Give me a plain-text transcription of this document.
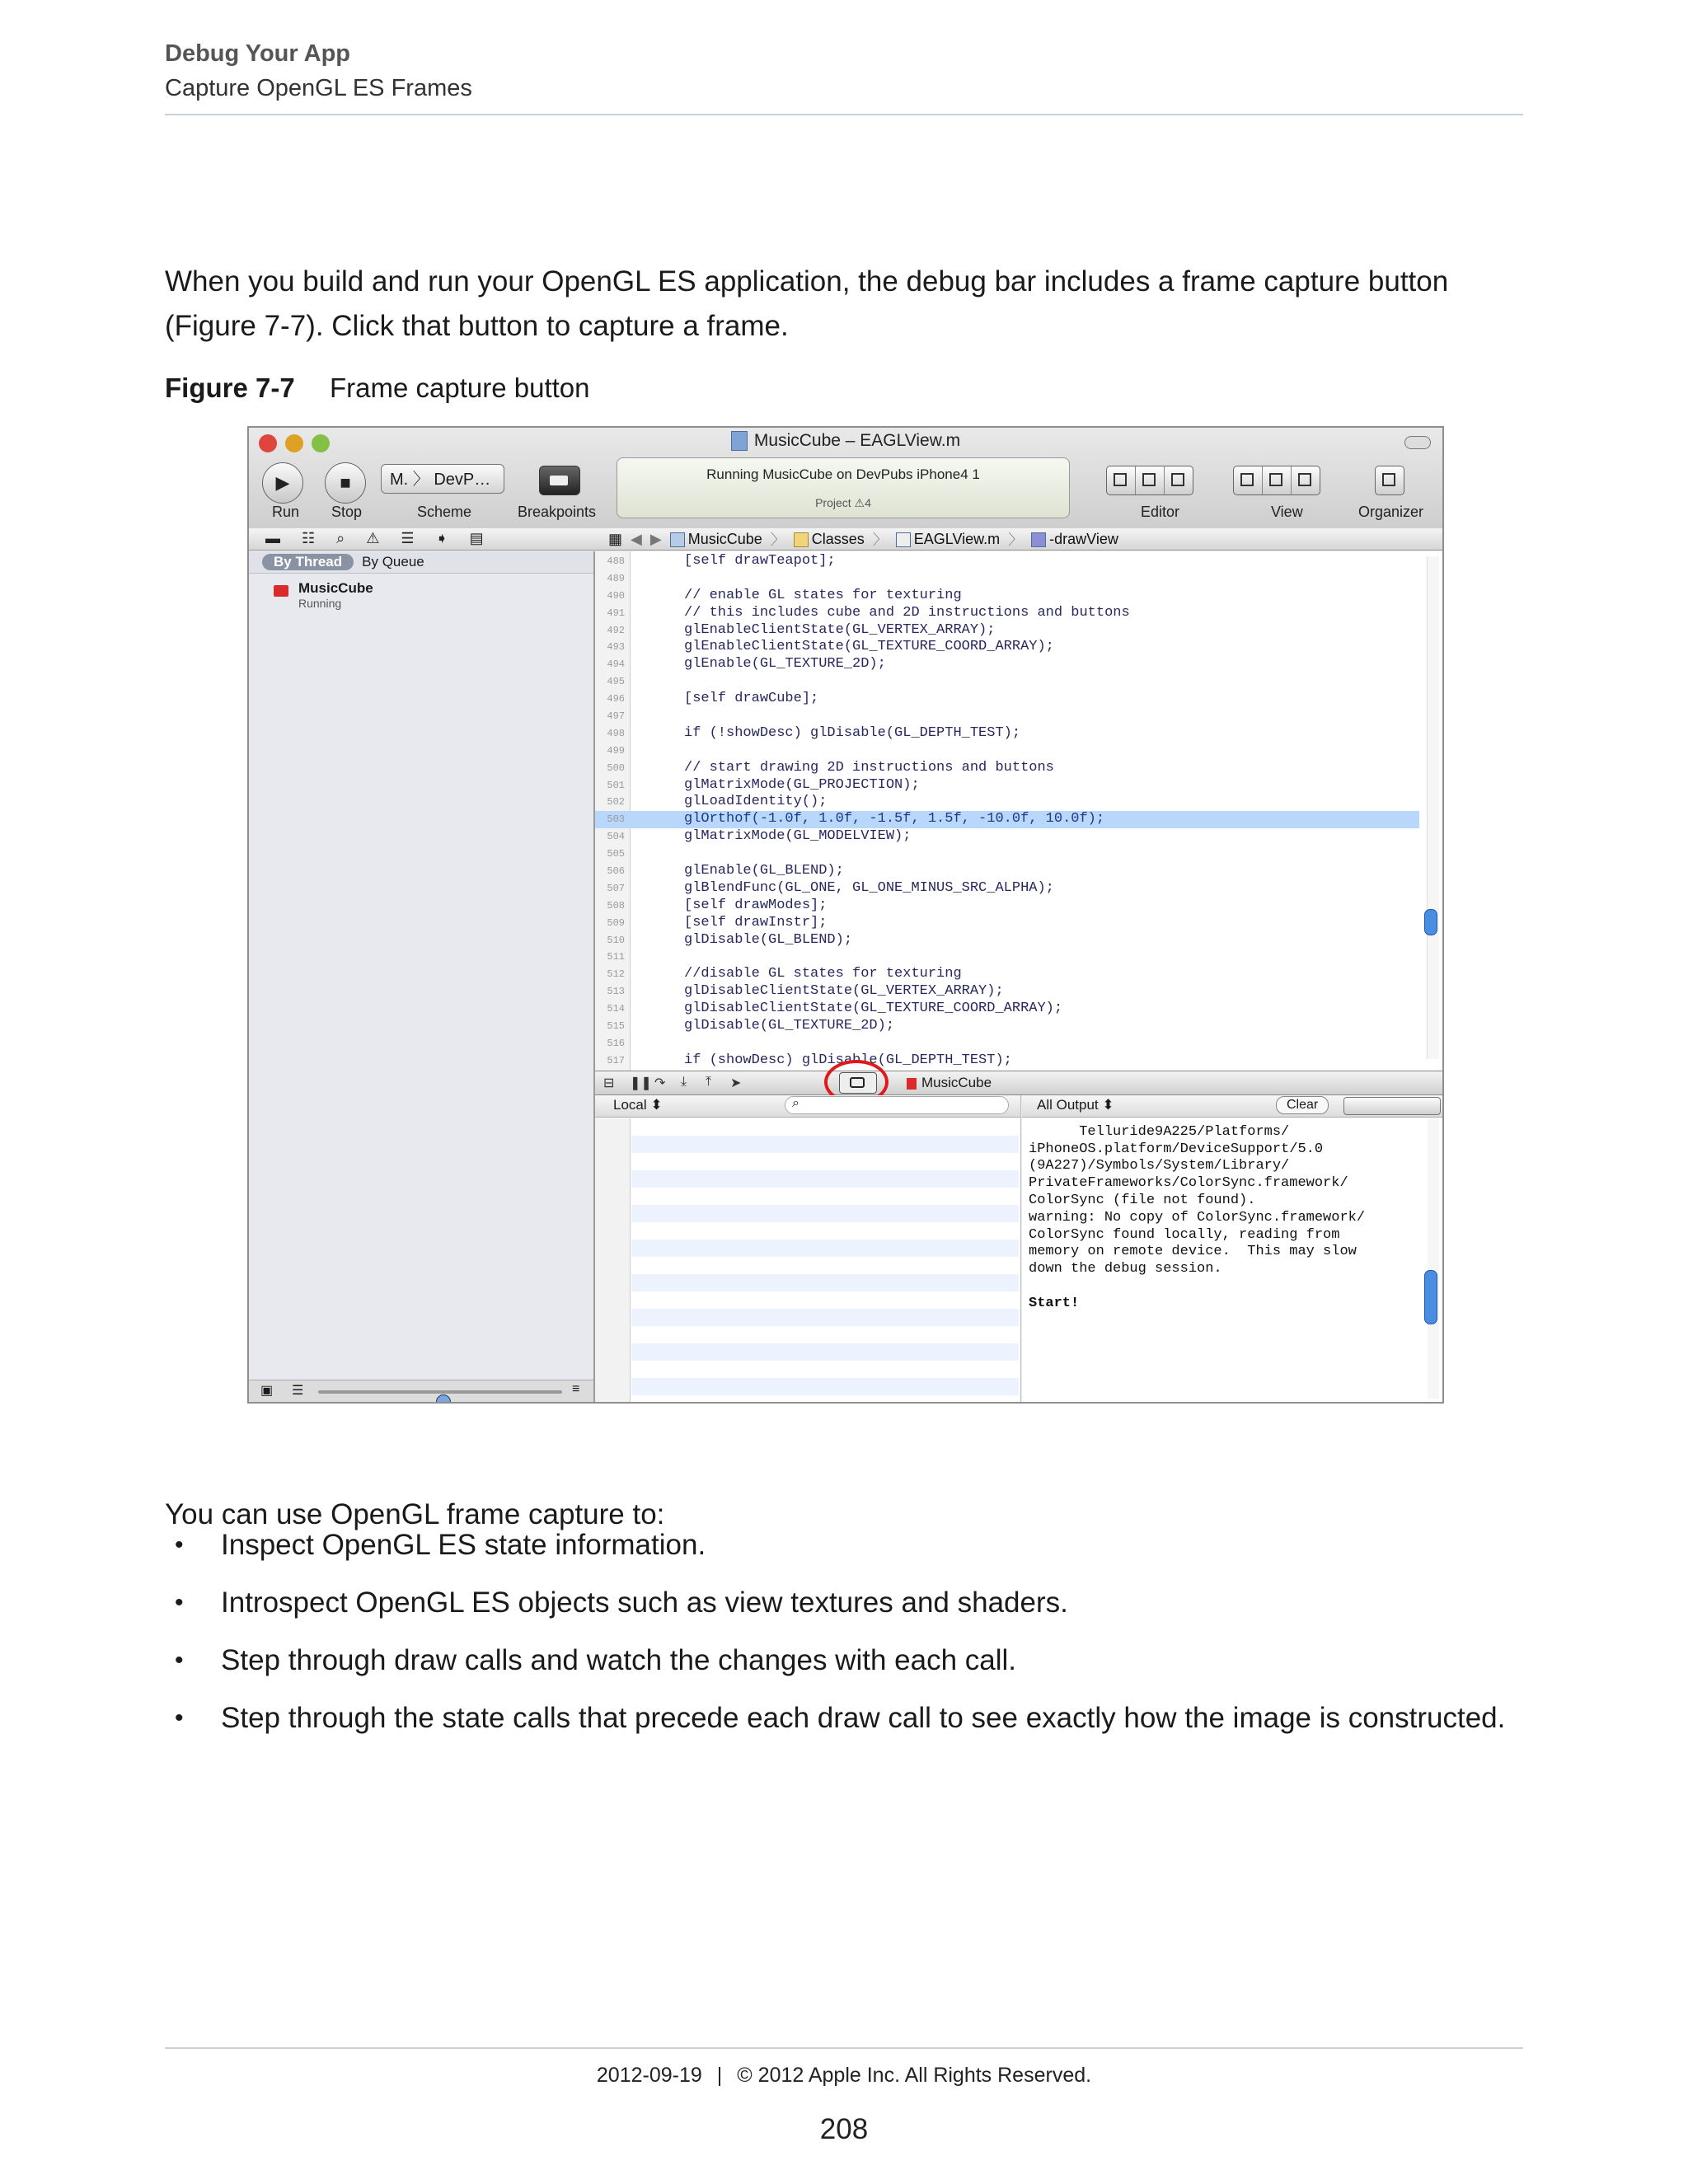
Debug Your App
Capture OpenGL ES Frames

When you build and run your OpenGL ES application, the debug bar includes a frame capture button (Figure 7-7). Click that button to capture a frame.

Figure 7-7 Frame capture button
MusicCube – EAGLView.m
▶
Run
■
Stop
M. 〉 DevP…
Scheme	Breakpoints
Running MusicCube on DevPubs iPhone4 1
Project ⚠4
Editor	View	Organizer
▬ ☷ ⌕ ⚠ ☰ ➧ ▤	▦ ◀ ▶	MusicCube 〉	Classes 〉	EAGLView.m 〉	-drawView
By Thread	By Queue
MusicCube
Running
▣ ☰	≡
488	[self drawTeapot];
489
490	// enable GL states for texturing
491	// this includes cube and 2D instructions and buttons
492	glEnableClientState(GL_VERTEX_ARRAY);
493	glEnableClientState(GL_TEXTURE_COORD_ARRAY);
494	glEnable(GL_TEXTURE_2D);
495
496	[self drawCube];
497
498	if (!showDesc) glDisable(GL_DEPTH_TEST);
499
500	// start drawing 2D instructions and buttons
501	glMatrixMode(GL_PROJECTION);
502	glLoadIdentity();
503	glOrthof(-1.0f, 1.0f, -1.5f, 1.5f, -10.0f, 10.0f);
504	glMatrixMode(GL_MODELVIEW);
505
506	glEnable(GL_BLEND);
507	glBlendFunc(GL_ONE, GL_ONE_MINUS_SRC_ALPHA);
508	[self drawModes];
509	[self drawInstr];
510	glDisable(GL_BLEND);
511
512	//disable GL states for texturing
513	glDisableClientState(GL_VERTEX_ARRAY);
514	glDisableClientState(GL_TEXTURE_COORD_ARRAY);
515	glDisable(GL_TEXTURE_2D);
516
517	if (showDesc) glDisable(GL_DEPTH_TEST);
⊟ ❚❚ ↷ ⤓ ⤒ ➤	MusicCube
Local ⬍	⌕	All Output ⬍	Clear

Telluride9A225/Platforms/
iPhoneOS.platform/DeviceSupport/5.0
(9A227)/Symbols/System/Library/
PrivateFrameworks/ColorSync.framework/
ColorSync (file not found).
warning: No copy of ColorSync.framework/
ColorSync found locally, reading from
memory on remote device.  This may slow
down the debug session.

Start!

You can use OpenGL frame capture to:

• Inspect OpenGL ES state information.
• Introspect OpenGL ES objects such as view textures and shaders.
• Step through draw calls and watch the changes with each call.
• Step through the state calls that precede each draw call to see exactly how the image is constructed.
2012-09-19 | © 2012 Apple Inc. All Rights Reserved.
208
